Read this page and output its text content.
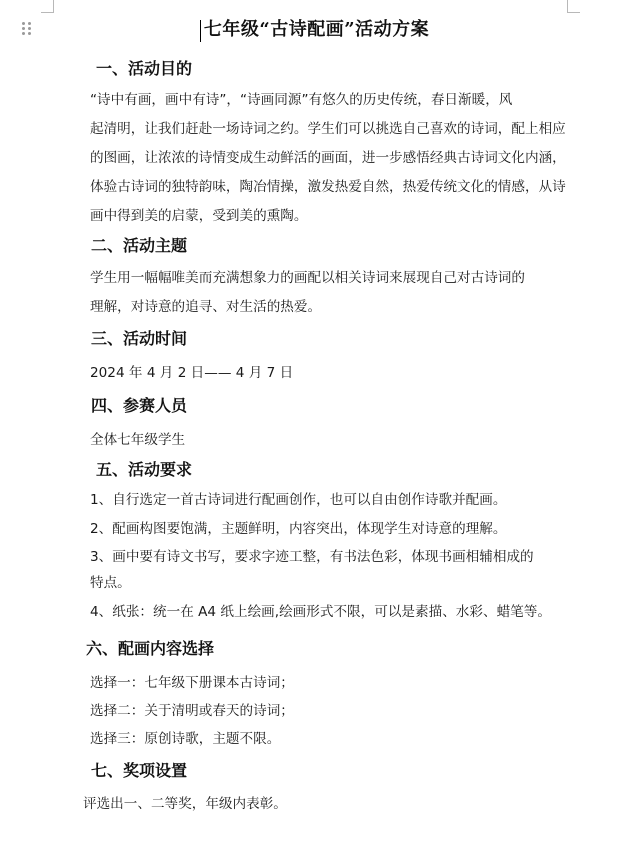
七年级“古诗配画”活动方案
一、活动目的
“诗中有画，画中有诗”，“诗画同源”有悠久的历史传统，春日渐暖，风
起清明，让我们赶赴一场诗词之约。学生们可以挑选自己喜欢的诗词，配上相应
的图画，让浓浓的诗情变成生动鲜活的画面，进一步感悟经典古诗词文化内涵，
体验古诗词的独特韵味，陶冶情操，激发热爱自然，热爱传统文化的情感，从诗
画中得到美的启蒙，受到美的熏陶。
二、活动主题
学生用一幅幅唯美而充满想象力的画配以相关诗词来展现自己对古诗词的
理解，对诗意的追寻、对生活的热爱。
三、活动时间
2024 年 4 月 2 日—— 4 月 7 日
四、参赛人员
全体七年级学生
五、活动要求
1、自行选定一首古诗词进行配画创作，也可以自由创作诗歌并配画。
2、配画构图要饱满，主题鲜明，内容突出，体现学生对诗意的理解。
3、画中要有诗文书写，要求字迹工整，有书法色彩，体现书画相辅相成的
特点。
4、纸张：统一在 A4 纸上绘画,绘画形式不限，可以是素描、水彩、蜡笔等。
六、配画内容选择
选择一：七年级下册课本古诗词；
选择二：关于清明或春天的诗词；
选择三：原创诗歌，主题不限。
七、奖项设置
评选出一、二等奖，年级内表彰。
